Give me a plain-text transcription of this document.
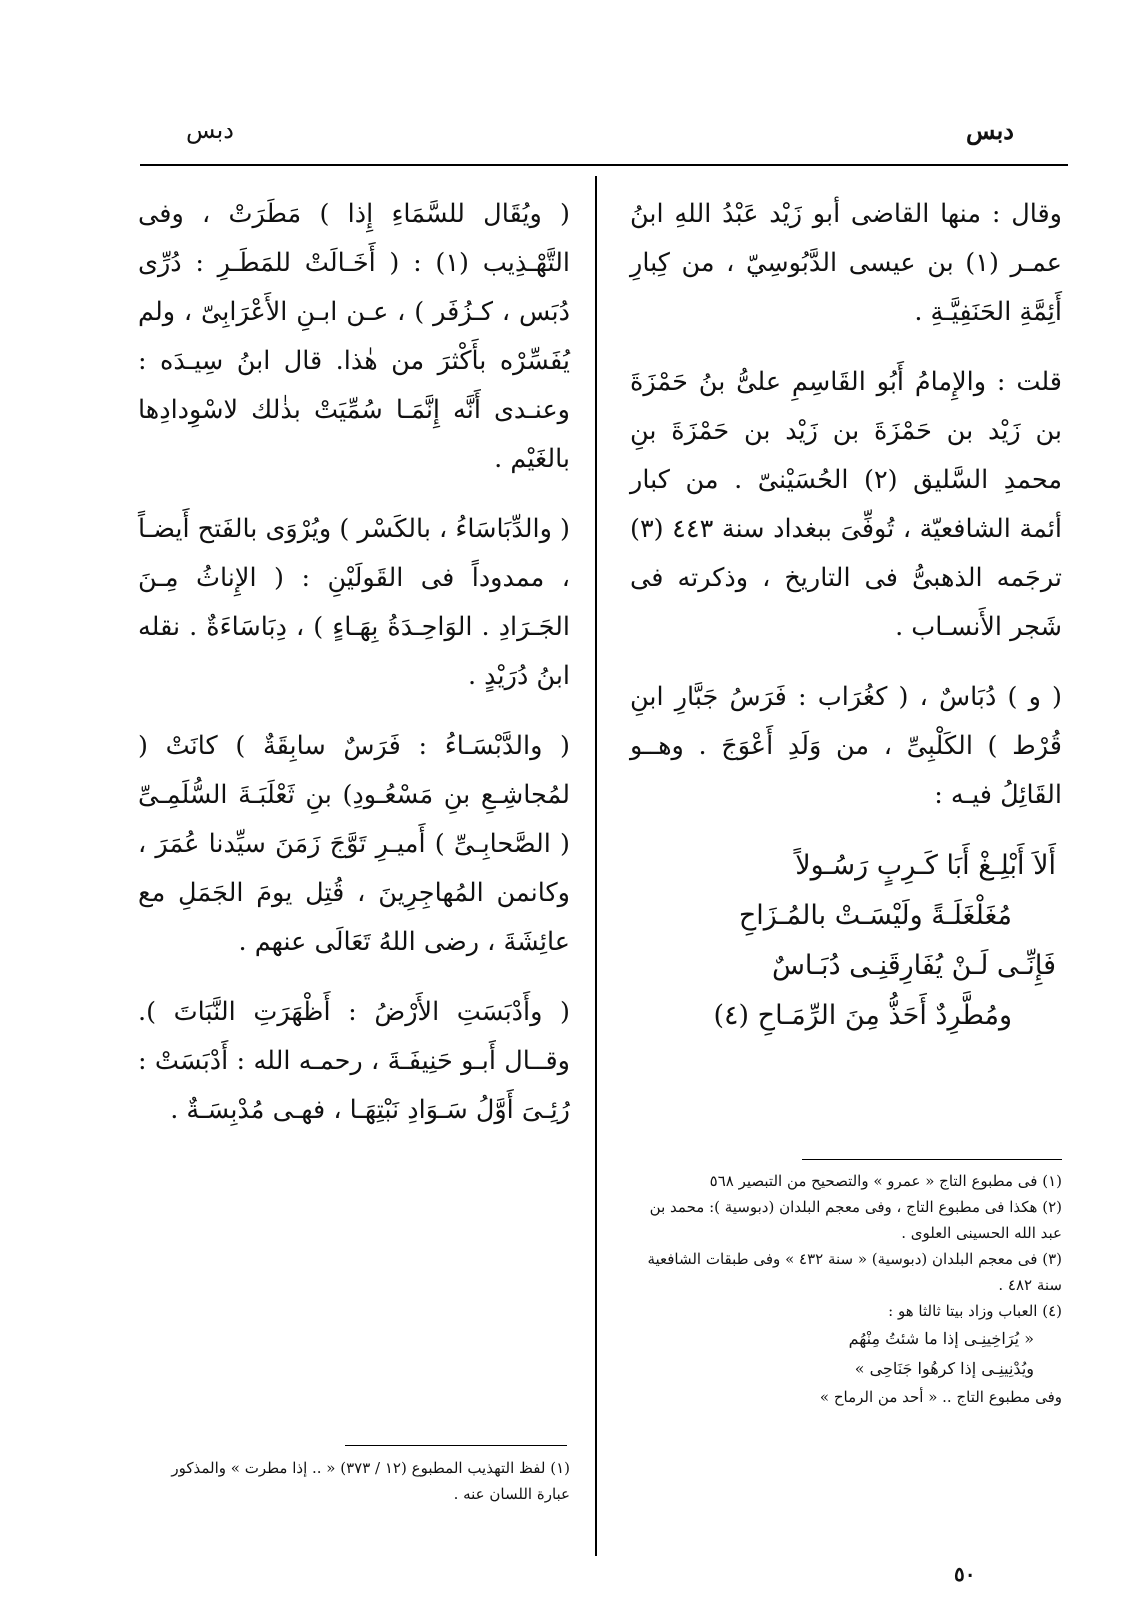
دبس
دبس

وقال : منها القاضى أبو زَيْد عَبْدُ اللهِ ابنُ عمـر (١) بن عيسى الدَّبُوسِيّ ، من كِبارِ أَئِمَّةِ الحَنَفِيَّـةِ .

قلت : والإِمامُ أَبُو القَاسِمِ علىُّ بنُ حَمْزَةَ بن زَيْد بن حَمْزَةَ بن زَيْد بن حَمْزَةَ بنِ محمدِ السَّليق (٢) الحُسَيْنىّ . من كبار أئمة الشافعيّة ، تُوفِّىَ ببغداد سنة ٤٤٣ (٣) ترجَمه الذهبىُّ فى التاريخ ، وذكرته فى شَجر الأَنسـاب .

( و ) دُبَاسٌ ، ( كغُرَاب : فَرَسُ جَبَّارِ ابنِ قُرْط ) الكَلْبِىِّ ، من وَلَدِ أَعْوَجَ . وهــو القَائِلُ فيـه :

أَلاَ أَبْلِـغْ أَبَا كَـرِبٍ رَسُـولاً
مُغَلْغَلَـةً ولَيْسَـتْ بالمُـزَاحِ
فَإِنِّـى لَـنْ يُفَارِقَنِـى دُبَـاسٌ
ومُطَّرِدٌ أَحَذُّ مِنَ الرِّمَـاحِ (٤)

(١) فى مطبوع التاج « عمرو » والتصحيح من التبصير ٥٦٨

(٢) هكذا فى مطبوع التاج ، وفى معجم البلدان (دبوسية ): محمد بن عبد الله الحسينى العلوى .

(٣) فى معجم البلدان (دبوسية) « سنة ٤٣٢ » وفى طبقات الشافعية سنة ٤٨٢ .

(٤) العباب وزاد بيتا ثالثا هو :

« يُرَاخِينِـى إذا ما شئتُ مِنْهُم

ويُدْنِينِـى إذا كرهُوا جَنَاحِى »

وفى مطبوع التاج .. « أحد من الرماح »

( ويُقَال للسَّمَاءِ إِذا ) مَطَرَتْ ، وفى التَّهْـذِيب (١) : ( أَخَـالَتْ للمَطَـرِ : دُرِّى دُبَس ، كـزُفَر ) ، عـن ابـنِ الأَعْرَابِىّ ، ولم يُفَسِّرْه بأَكْثرَ من هٰذا. قال ابنُ سِيـدَه : وعنـدى أَنَّه إِنَّمَـا سُمِّيَتْ بذٰلك لاسْوِدادِها بالغَيْم .

( والدِّبَاسَاءُ ، بالكَسْر ) ويُرْوَى بالفَتح أَيضـاً ، ممدوداً فى القَولَيْنِ : ( الإِناثُ مِـنَ الجَـرَادِ . الوَاحِـدَةُ بِهَـاءٍ ) ، دِبَاسَاءَةٌ . نقله ابنُ دُرَيْدٍ .

( والدَّبْسَـاءُ : فَرَسٌ سابِقَةٌ ) كانَتْ ( لمُجاشِـعِ بنِ مَسْعُـودِ) بنِ ثَعْلَبَـةَ السُّلَمِـىِّ ( الصَّحابِـىِّ ) أَميـرِ تَوَّجَ زَمَنَ سيِّدنا عُمَرَ ، وكانمن المُهاجِرِينَ ، قُتِل يومَ الجَمَلِ مع عائِشَةَ ، رضى اللهُ تَعَالَى عنهم .

( وأَدْبَسَتِ الأَرْضُ : أَظْهَرَتِ النَّبَاتَ ). وقــال أَبـو حَنِيفَـةَ ، رحمـه الله : أَدْبَسَتْ : رُئِـىَ أَوَّلُ سَـوَادِ نَبْتِهَـا ، فهـى مُدْبِسَـةٌ .

(١) لفظ التهذيب المطبوع (١٢ / ٣٧٣) « .. إذا مطرت » والمذكور عبارة اللسان عنه .

٥٠
